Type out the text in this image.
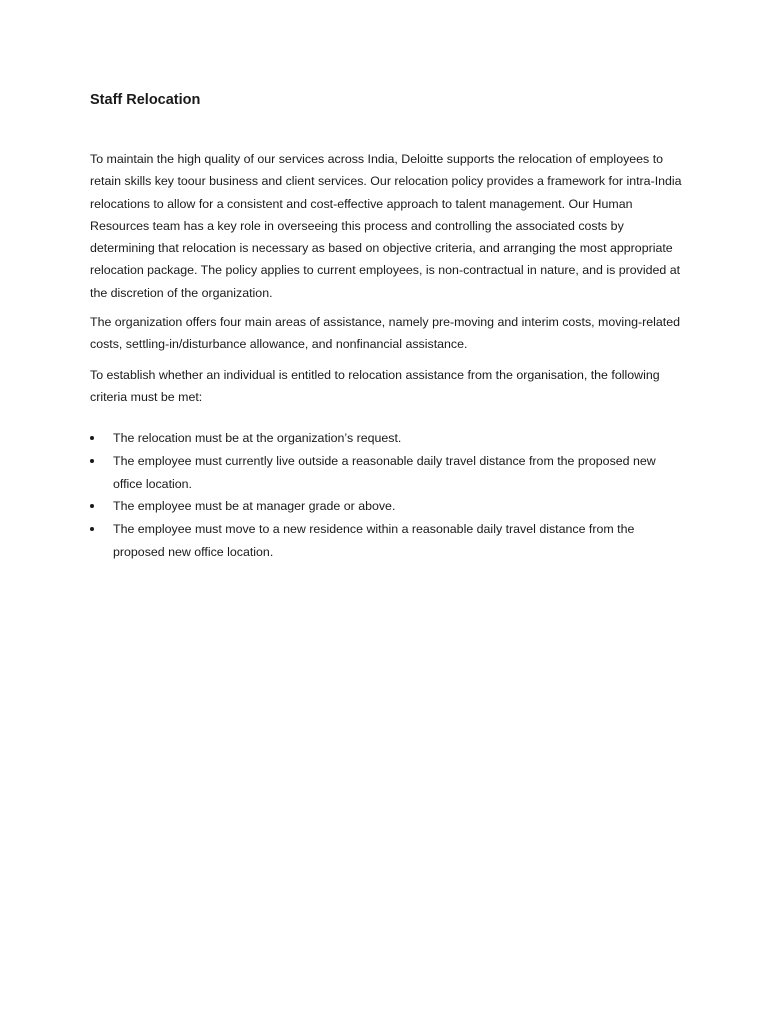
Staff Relocation

To maintain the high quality of our services across India, Deloitte supports the relocation of employees to retain skills key toour business and client services. Our relocation policy provides a framework for intra-India relocations to allow for a consistent and cost-effective approach to talent management. Our Human Resources team has a key role in overseeing this process and controlling the associated costs by determining that relocation is necessary as based on objective criteria, and arranging the most appropriate relocation package. The policy applies to current employees, is non-contractual in nature, and is provided at the discretion of the organization.

The organization offers four main areas of assistance, namely pre-moving and interim costs, moving-related costs, settling-in/disturbance allowance, and nonfinancial assistance.

To establish whether an individual is entitled to relocation assistance from the organisation, the following criteria must be met:

The relocation must be at the organization’s request.
The employee must currently live outside a reasonable daily travel distance from the proposed new office location.
The employee must be at manager grade or above.
The employee must move to a new residence within a reasonable daily travel distance from the proposed new office location.
